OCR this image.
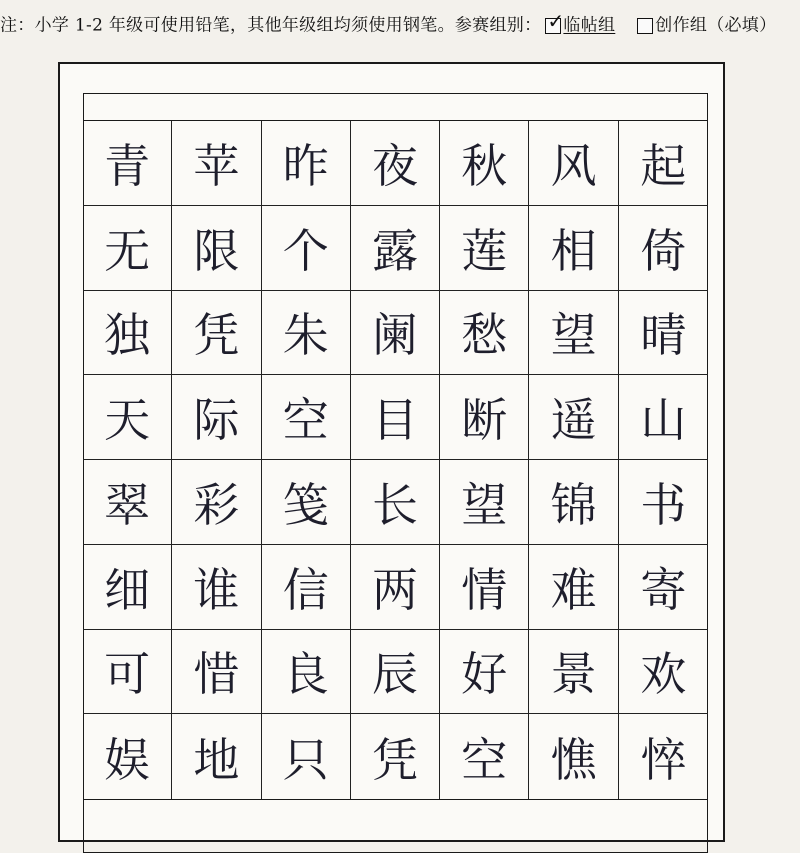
注：小学 1-2 年级可使用铅笔，其他年级组均须使用钢笔。参赛组别： ✓
临帖组 创作组（必填）
青 苹 昨 夜 秋 风 起
无 限 个 露 莲 相 倚
独 凭 朱 阑 愁 望 晴
天 际 空 目 断 遥 山
翠 彩 笺 长 望 锦 书
细 谁 信 两 情 难 寄
可 惜 良 辰 好 景 欢
娱 地 只 凭 空 憔 悴
